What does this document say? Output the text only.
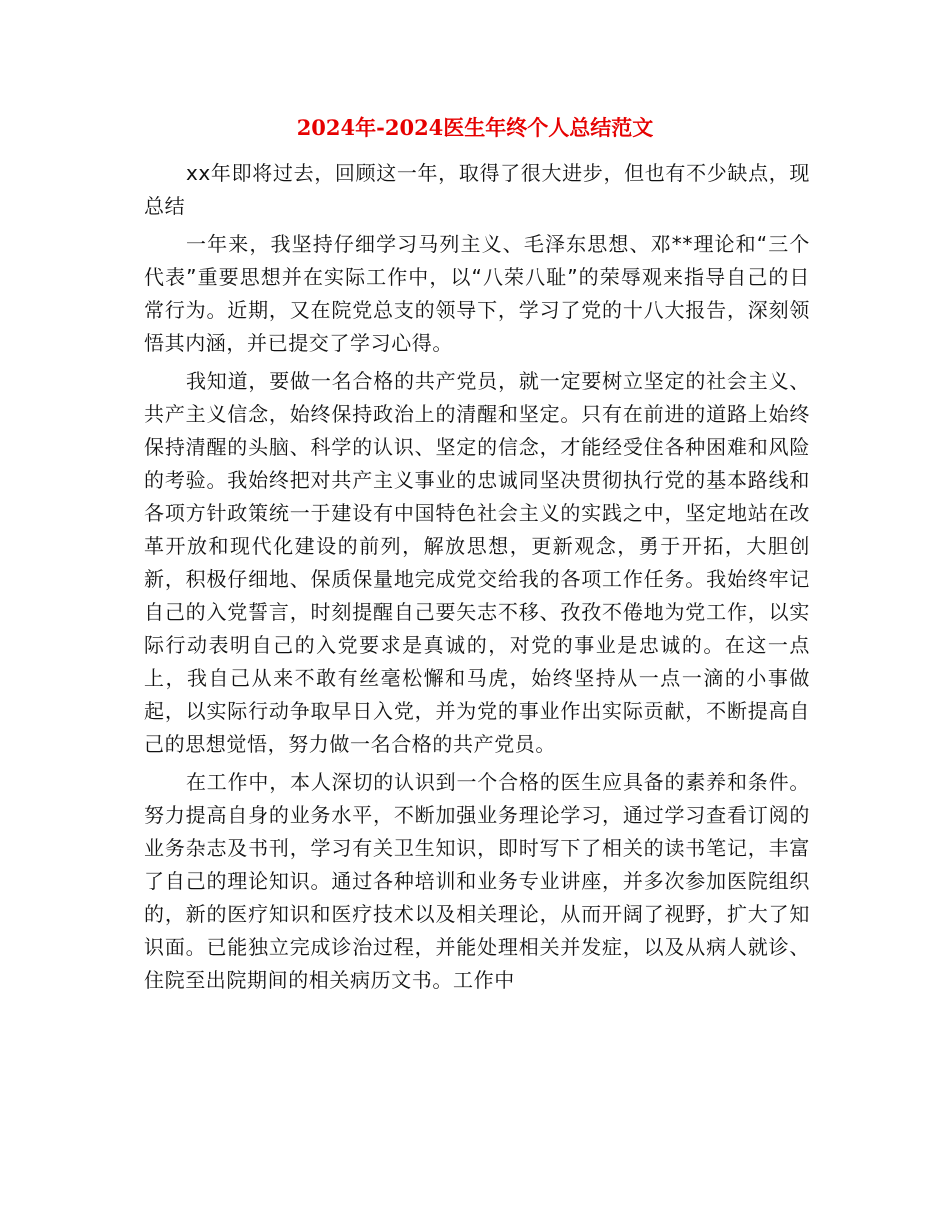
2024年-2024医生年终个人总结范文

xx年即将过去，回顾这一年，取得了很大进步，但也有不少缺点，现总结

一年来，我坚持仔细学习马列主义、毛泽东思想、邓**理论和“三个代表”重要思想并在实际工作中，以“八荣八耻”的荣辱观来指导自己的日常行为。近期，又在院党总支的领导下，学习了党的十八大报告，深刻领悟其内涵，并已提交了学习心得。

我知道，要做一名合格的共产党员，就一定要树立坚定的社会主义、共产主义信念，始终保持政治上的清醒和坚定。只有在前进的道路上始终保持清醒的头脑、科学的认识、坚定的信念，才能经受住各种困难和风险的考验。我始终把对共产主义事业的忠诚同坚决贯彻执行党的基本路线和各项方针政策统一于建设有中国特色社会主义的实践之中，坚定地站在改革开放和现代化建设的前列，解放思想，更新观念，勇于开拓，大胆创新，积极仔细地、保质保量地完成党交给我的各项工作任务。我始终牢记自己的入党誓言，时刻提醒自己要矢志不移、孜孜不倦地为党工作，以实际行动表明自己的入党要求是真诚的，对党的事业是忠诚的。在这一点上，我自己从来不敢有丝毫松懈和马虎，始终坚持从一点一滴的小事做起，以实际行动争取早日入党，并为党的事业作出实际贡献，不断提高自己的思想觉悟，努力做一名合格的共产党员。

在工作中，本人深切的认识到一个合格的医生应具备的素养和条件。努力提高自身的业务水平，不断加强业务理论学习，通过学习查看订阅的业务杂志及书刊，学习有关卫生知识，即时写下了相关的读书笔记，丰富了自己的理论知识。通过各种培训和业务专业讲座，并多次参加医院组织的，新的医疗知识和医疗技术以及相关理论，从而开阔了视野，扩大了知识面。已能独立完成诊治过程，并能处理相关并发症，以及从病人就诊、住院至出院期间的相关病历文书。工作中
